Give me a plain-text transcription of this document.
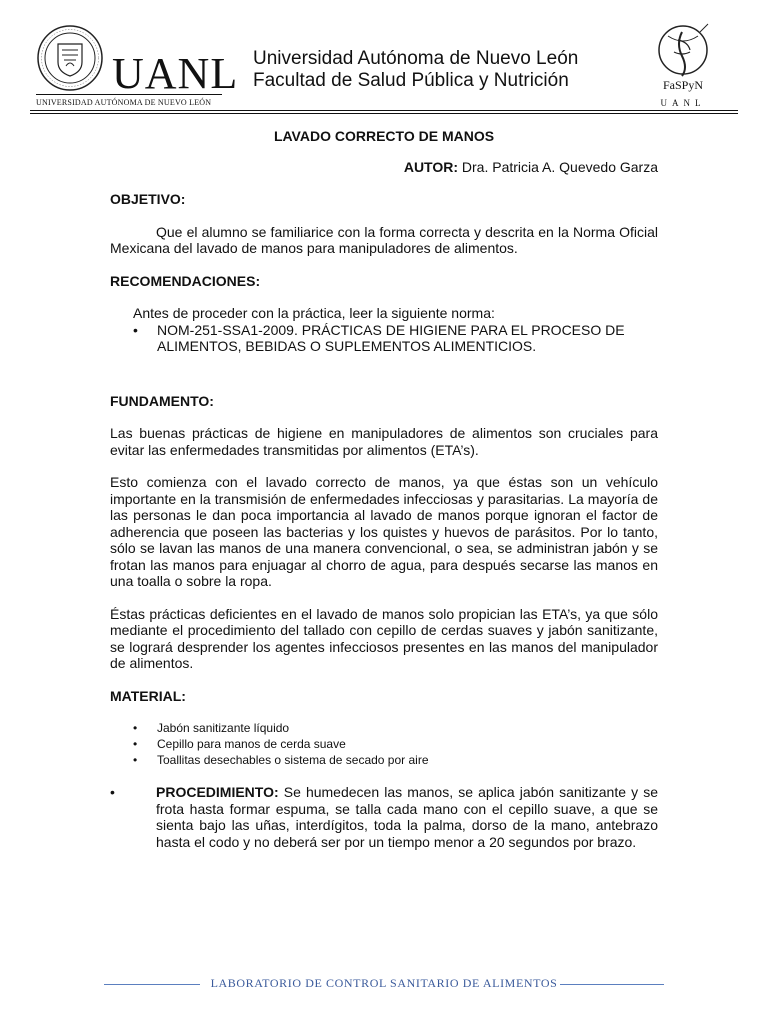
UANL
UNIVERSIDAD AUTÓNOMA DE NUEVO LEÓN
Universidad Autónoma de Nuevo León
Facultad de Salud Pública y Nutrición	FaSPyN
UANL
LAVADO CORRECTO DE MANOS
AUTOR: Dra. Patricia A. Quevedo Garza
OBJETIVO:

Que el alumno se familiarice con la forma correcta y descrita en la Norma Oficial Mexicana del lavado de manos para manipuladores de alimentos.

RECOMENDACIONES:

Antes de proceder con la práctica, leer la siguiente norma:

• NOM-251-SSA1-2009. PRÁCTICAS DE HIGIENE PARA EL PROCESO DE ALIMENTOS, BEBIDAS O SUPLEMENTOS ALIMENTICIOS.
FUNDAMENTO:

Las buenas prácticas de higiene en manipuladores de alimentos son cruciales para evitar las enfermedades transmitidas por alimentos (ETA’s).

Esto comienza con el lavado correcto de manos, ya que éstas son un vehículo importante en la transmisión de enfermedades infecciosas y parasitarias. La mayoría de las personas le dan poca importancia al lavado de manos porque ignoran el factor de adherencia que poseen las bacterias y los quistes y huevos de parásitos. Por lo tanto, sólo se lavan las manos de una manera convencional, o sea, se administran jabón y se frotan las manos para enjuagar al chorro de agua, para después secarse las manos en una toalla o sobre la ropa.

Éstas prácticas deficientes en el lavado de manos solo propician las ETA’s, ya que sólo mediante el procedimiento del tallado con cepillo de cerdas suaves y jabón sanitizante, se logrará desprender los agentes infecciosos presentes en las manos del manipulador de alimentos.

MATERIAL:
• Jabón sanitizante líquido
• Cepillo para manos de cerda suave
• Toallitas desechables o sistema de secado por aire
•	PROCEDIMIENTO: Se humedecen las manos, se aplica jabón sanitizante y se frota hasta formar espuma, se talla cada mano con el cepillo suave, a que se sienta bajo las uñas, interdígitos, toda la palma, dorso de la mano, antebrazo hasta el codo y no deberá ser por un tiempo menor a 20 segundos por brazo.
LABORATORIO DE CONTROL SANITARIO DE ALIMENTOS
